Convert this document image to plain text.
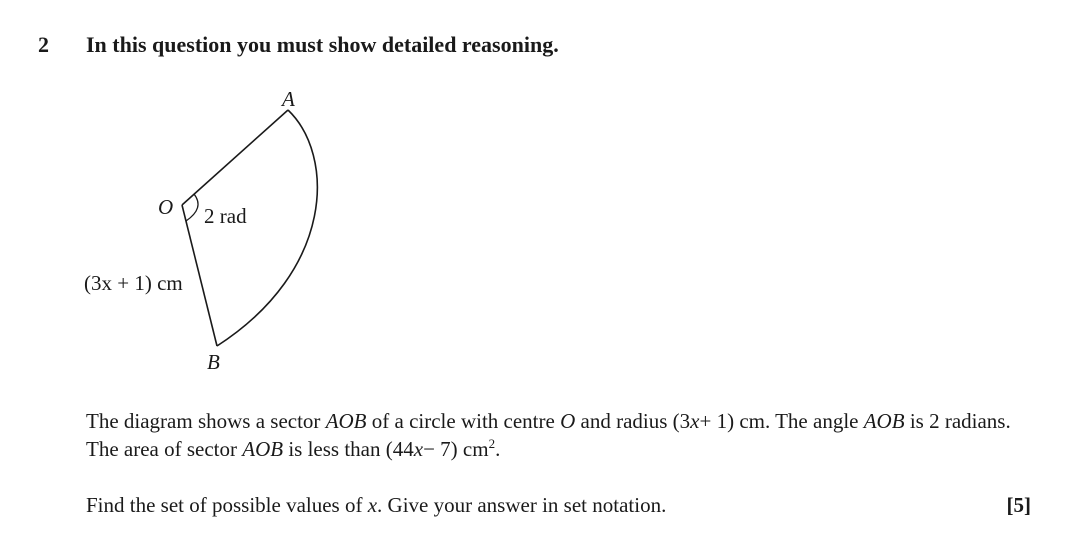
2 In this question you must show detailed reasoning.
A
O
B
2 rad
(3x + 1) cm
The diagram shows a sector AOB of a circle with centre O and radius (3x+ 1) cm. The angle AOB is 2 radians. The area of sector AOB is less than (44x− 7) $cm^2$.
Find the set of possible values of x. Give your answer in set notation.	[5]
